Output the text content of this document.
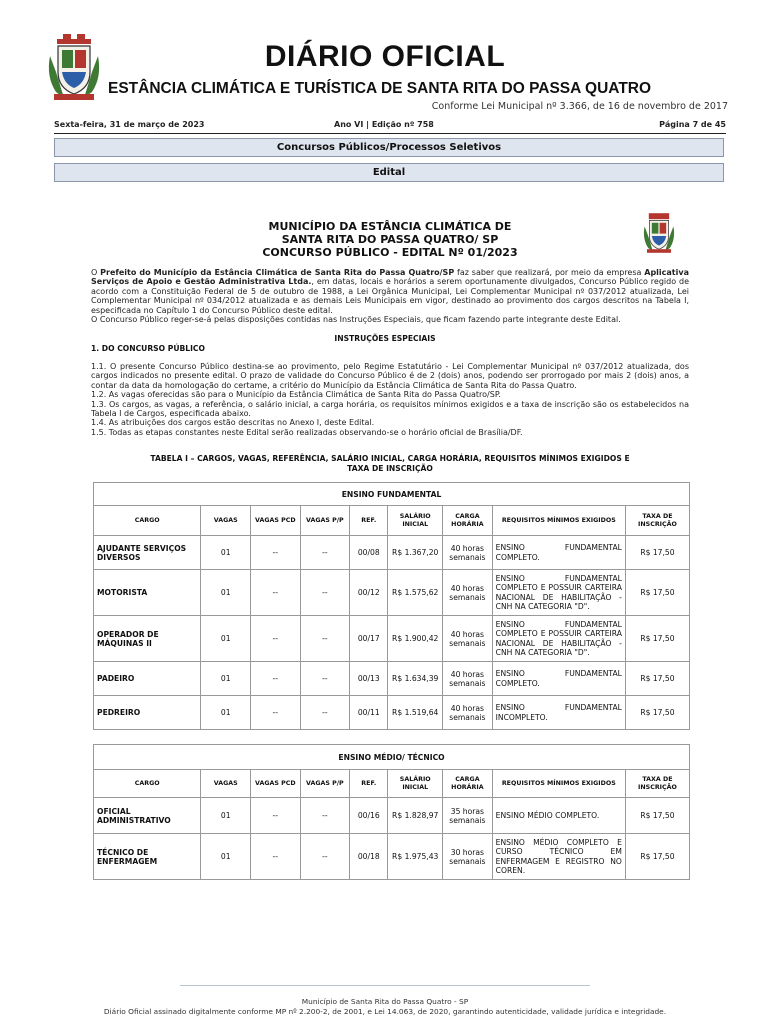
DIÁRIO OFICIAL
ESTÂNCIA CLIMÁTICA E TURÍSTICA DE SANTA RITA DO PASSA QUATRO
Conforme Lei Municipal nº 3.366, de 16 de novembro de 2017
Sexta-feira, 31 de março de 2023	Ano VI | Edição nº 758	Página 7 de 45
Concursos Públicos/Processos Seletivos
Edital
MUNICÍPIO DA ESTÂNCIA CLIMÁTICA DE
SANTA RITA DO PASSA QUATRO/ SP
CONCURSO PÚBLICO - EDITAL Nº 01/2023
O Prefeito do Município da Estância Climática de Santa Rita do Passa Quatro/SP faz saber que realizará, por meio da empresa Aplicativa Serviços de Apoio e Gestão Administrativa Ltda., em datas, locais e horários a serem oportunamente divulgados, Concurso Público regido de acordo com a Constituição Federal de 5 de outubro de 1988, a Lei Orgânica Municipal, Lei Complementar Municipal nº 037/2012 atualizada, Lei Complementar Municipal nº 034/2012 atualizada e as demais Leis Municipais em vigor, destinado ao provimento dos cargos descritos na Tabela I, especificada no Capítulo 1 do Concurso Público deste edital.
O Concurso Público reger-se-á pelas disposições contidas nas Instruções Especiais, que ficam fazendo parte integrante deste Edital.
INSTRUÇÕES ESPECIAIS
1. DO CONCURSO PÚBLICO
1.1. O presente Concurso Público destina-se ao provimento, pelo Regime Estatutário - Lei Complementar Municipal nº 037/2012 atualizada, dos cargos indicados no presente edital. O prazo de validade do Concurso Público é de 2 (dois) anos, podendo ser prorrogado por mais 2 (dois) anos, a contar da data da homologação do certame, a critério do Município da Estância Climática de Santa Rita do Passa Quatro.
1.2. As vagas oferecidas são para o Município da Estância Climática de Santa Rita do Passa Quatro/SP.
1.3. Os cargos, as vagas, a referência, o salário inicial, a carga horária, os requisitos mínimos exigidos e a taxa de inscrição são os estabelecidos na Tabela I de Cargos, especificada abaixo.
1.4. As atribuições dos cargos estão descritas no Anexo I, deste Edital.
1.5. Todas as etapas constantes neste Edital serão realizadas observando-se o horário oficial de Brasília/DF.
TABELA I – CARGOS, VAGAS, REFERÊNCIA, SALÁRIO INICIAL, CARGA HORÁRIA, REQUISITOS MÍNIMOS EXIGIDOS E
TAXA DE INSCRIÇÃO
ENSINO FUNDAMENTAL								
CARGO	VAGAS	VAGAS PCD	VAGAS P/P	REF.	SALÁRIO INICIAL	CARGA HORÁRIA	REQUISITOS MÍNIMOS EXIGIDOS	TAXA DE INSCRIÇÃO
AJUDANTE SERVIÇOS DIVERSOS	01	--	--	00/08	R$ 1.367,20	40 horas semanais	ENSINO FUNDAMENTAL COMPLETO.	R$ 17,50
MOTORISTA	01	--	--	00/12	R$ 1.575,62	40 horas semanais	ENSINO FUNDAMENTAL COMPLETO E POSSUIR CARTEIRA NACIONAL DE HABILITAÇÃO - CNH NA CATEGORIA "D".	R$ 17,50
OPERADOR DE MÁQUINAS II	01	--	--	00/17	R$ 1.900,42	40 horas semanais	ENSINO FUNDAMENTAL COMPLETO E POSSUIR CARTEIRA NACIONAL DE HABILITAÇÃO - CNH NA CATEGORIA "D".	R$ 17,50
PADEIRO	01	--	--	00/13	R$ 1.634,39	40 horas semanais	ENSINO FUNDAMENTAL COMPLETO.	R$ 17,50
PEDREIRO	01	--	--	00/11	R$ 1.519,64	40 horas semanais	ENSINO FUNDAMENTAL INCOMPLETO.	R$ 17,50
ENSINO MÉDIO/ TÉCNICO								
CARGO	VAGAS	VAGAS PCD	VAGAS P/P	REF.	SALÁRIO INICIAL	CARGA HORÁRIA	REQUISITOS MÍNIMOS EXIGIDOS	TAXA DE INSCRIÇÃO
OFICIAL ADMINISTRATIVO	01	--	--	00/16	R$ 1.828,97	35 horas semanais	ENSINO MÉDIO COMPLETO.	R$ 17,50
TÉCNICO DE ENFERMAGEM	01	--	--	00/18	R$ 1.975,43	30 horas semanais	ENSINO MÉDIO COMPLETO E CURSO TÉCNICO EM ENFERMAGEM E REGISTRO NO COREN.	R$ 17,50
Município de Santa Rita do Passa Quatro - SP
Diário Oficial assinado digitalmente conforme MP nº 2.200-2, de 2001, e Lei 14.063, de 2020, garantindo autenticidade, validade jurídica e integridade.
